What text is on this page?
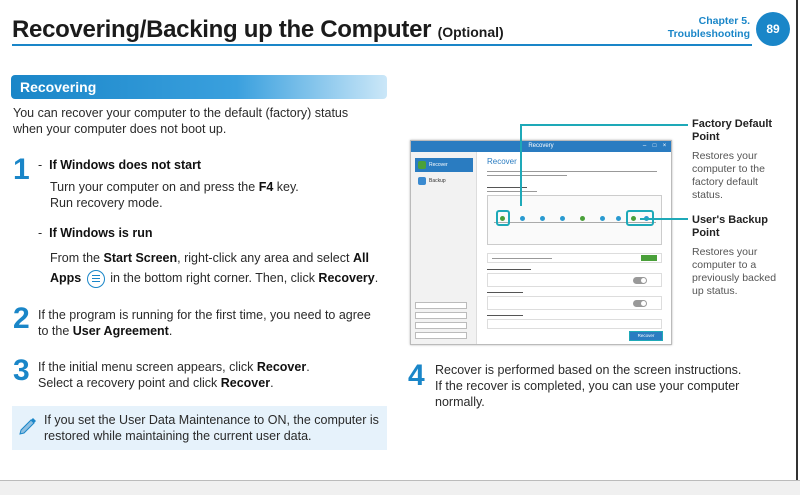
Recovering/Backing up the Computer (Optional)
Chapter 5.
Troubleshooting	89
Recovering
You can recover your computer to the default (factory) status
when your computer does not boot up.
1 - If Windows does not start
Turn your computer on and press the F4 key.
Run recovery mode.
- If Windows is run
From the Start Screen, right-click any area and select All
Apps  in the bottom right corner. Then, click Recovery.
2 If the program is running for the first time, you need to agree
to the User Agreement.
3 If the initial menu screen appears, click Recover.
Select a recovery point and click Recover.
If you set the User Data Maintenance to ON, the computer is
restored while maintaining the current user data.
Recovery	–	□	×
Recover
Backup
Recover
Recover
Factory Default
Point
Restores your
computer to the
factory default
status.
User's Backup
Point
Restores your
computer to a
previously backed
up status.
4 Recover is performed based on the screen instructions.
If the recover is completed, you can use your computer
normally.
